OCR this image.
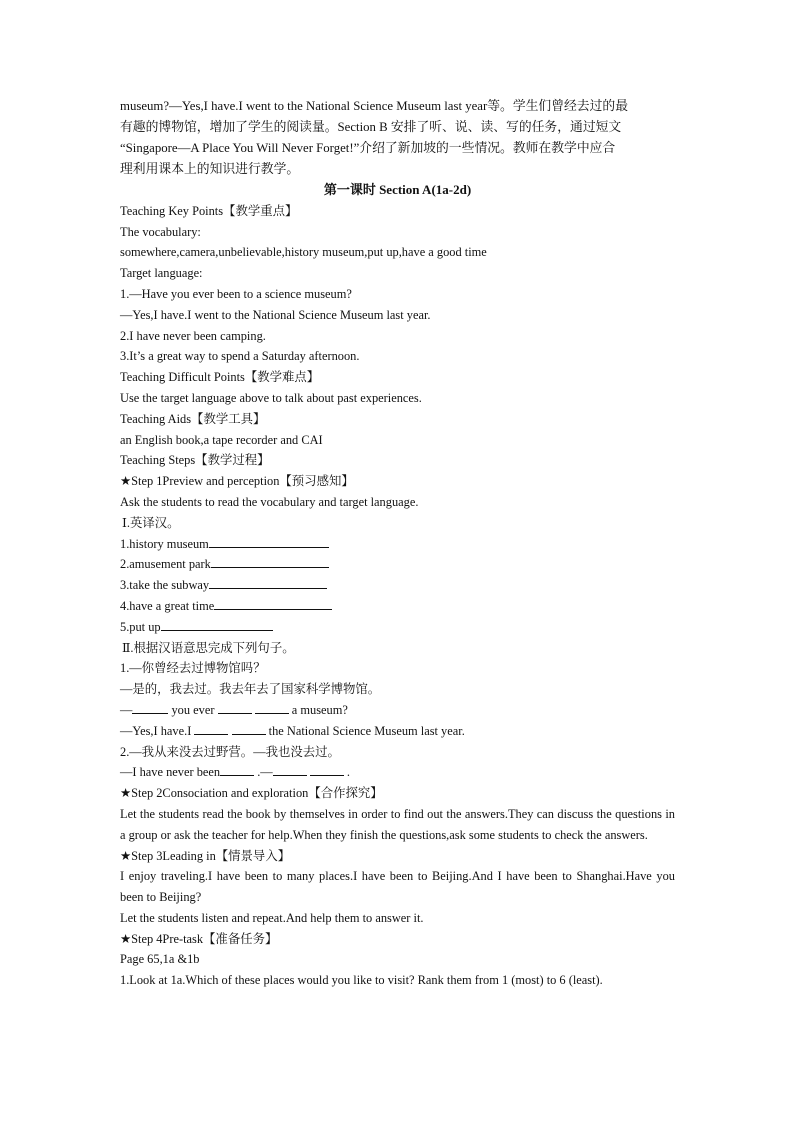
museum?—Yes,I have.I went to the National Science Museum last year等。学生们曾经去过的最
有趣的博物馆，增加了学生的阅读量。Section B 安排了听、说、读、写的任务，通过短文
“Singapore—A Place You Will Never Forget!”介绍了新加坡的一些情况。教师在教学中应合
理利用课本上的知识进行教学。
第一课时 Section A(1a-2d)
Teaching Key Points【教学重点】
The vocabulary:
somewhere,camera,unbelievable,history museum,put up,have a good time
Target language:
1.—Have you ever been to a science museum?
—Yes,I have.I went to the National Science Museum last year.
2.I have never been camping.
3.It’s a great way to spend a Saturday afternoon.
Teaching Difficult Points【教学难点】
Use the target language above to talk about past experiences.
Teaching Aids【教学工具】
an English book,a tape recorder and CAI
Teaching Steps【教学过程】
★Step 1Preview and perception【预习感知】
Ask the students to read the vocabulary and target language.
Ⅰ.英译汉。
1.history museum
2.amusement park
3.take the subway
4.have a great time
5.put up
Ⅱ.根据汉语意思完成下列句子。
1.—你曾经去过博物馆吗？
—是的，我去过。我去年去了国家科学博物馆。
—	you ever	a museum?
—Yes,I have.I	the National Science Museum last year.
2.—我从来没去过野营。—我也没去过。
—I have never been	.—	.
★Step 2Consociation and exploration【合作探究】
Let the students read the book by themselves in order to find out the answers.They can discuss the questions in a group or ask the teacher for help.When they finish the questions,ask some students to check the answers.
★Step 3Leading in【情景导入】
I enjoy traveling.I have been to many places.I have been to Beijing.And I have been to Shanghai.Have you been to Beijing?
Let the students listen and repeat.And help them to answer it.
★Step 4Pre-task【准备任务】
Page 65,1a &1b
1.Look at 1a.Which of these places would you like to visit? Rank them from 1 (most) to 6 (least).
